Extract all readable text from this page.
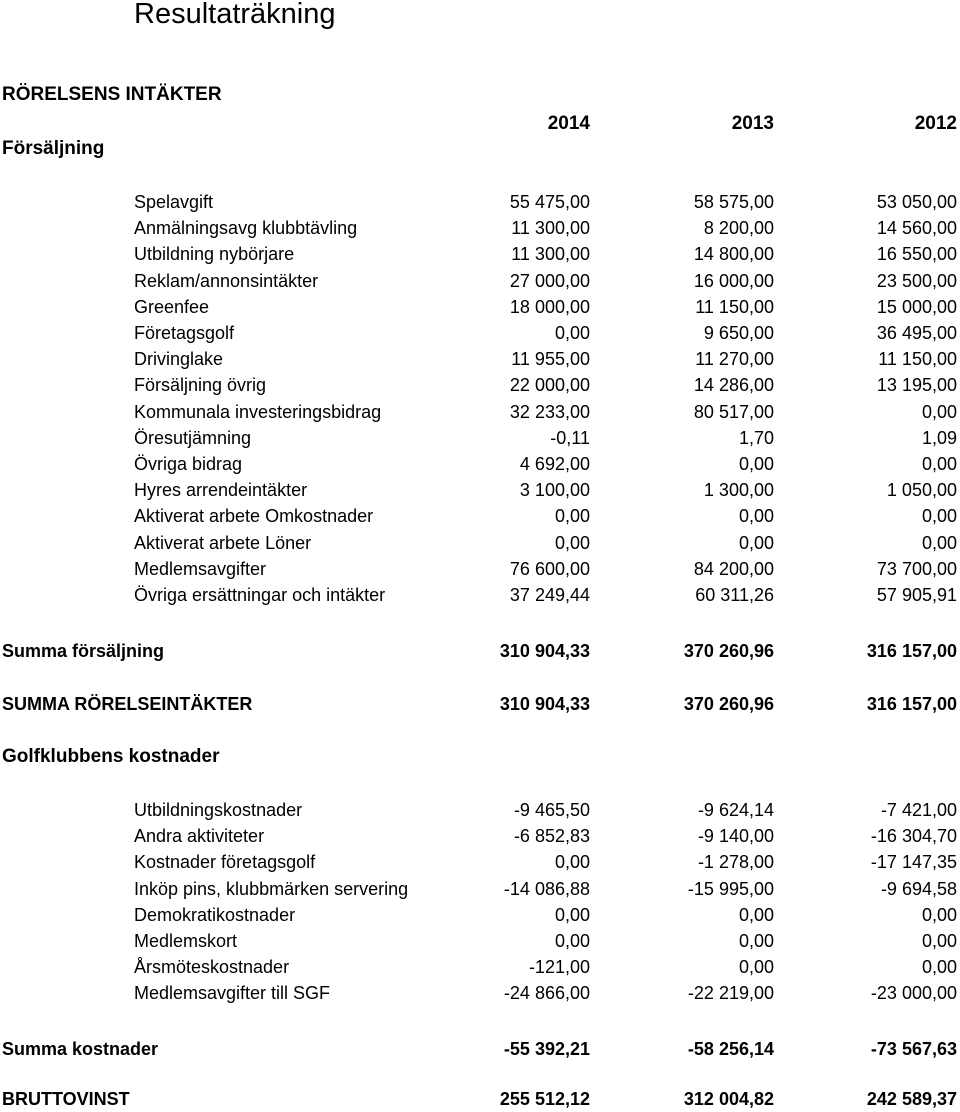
Resultaträkning
RÖRELSENS INTÄKTER
2014	2013	2012
Försäljning
Spelavgift	55 475,00	58 575,00	53 050,00
Anmälningsavg klubbtävling	11 300,00	8 200,00	14 560,00
Utbildning nybörjare	11 300,00	14 800,00	16 550,00
Reklam/annonsintäkter	27 000,00	16 000,00	23 500,00
Greenfee	18 000,00	11 150,00	15 000,00
Företagsgolf	0,00	9 650,00	36 495,00
Drivinglake	11 955,00	11 270,00	11 150,00
Försäljning övrig	22 000,00	14 286,00	13 195,00
Kommunala investeringsbidrag	32 233,00	80 517,00	0,00
Öresutjämning	-0,11	1,70	1,09
Övriga bidrag	4 692,00	0,00	0,00
Hyres arrendeintäkter	3 100,00	1 300,00	1 050,00
Aktiverat arbete Omkostnader	0,00	0,00	0,00
Aktiverat arbete Löner	0,00	0,00	0,00
Medlemsavgifter	76 600,00	84 200,00	73 700,00
Övriga ersättningar och intäkter	37 249,44	60 311,26	57 905,91
Summa försäljning	310 904,33	370 260,96	316 157,00
SUMMA RÖRELSEINTÄKTER	310 904,33	370 260,96	316 157,00
Golfklubbens kostnader
Utbildningskostnader	-9 465,50	-9 624,14	-7 421,00
Andra aktiviteter	-6 852,83	-9 140,00	-16 304,70
Kostnader företagsgolf	0,00	-1 278,00	-17 147,35
Inköp pins, klubbmärken servering	-14 086,88	-15 995,00	-9 694,58
Demokratikostnader	0,00	0,00	0,00
Medlemskort	0,00	0,00	0,00
Årsmöteskostnader	-121,00	0,00	0,00
Medlemsavgifter till SGF	-24 866,00	-22 219,00	-23 000,00
Summa kostnader	-55 392,21	-58 256,14	-73 567,63
BRUTTOVINST	255 512,12	312 004,82	242 589,37
